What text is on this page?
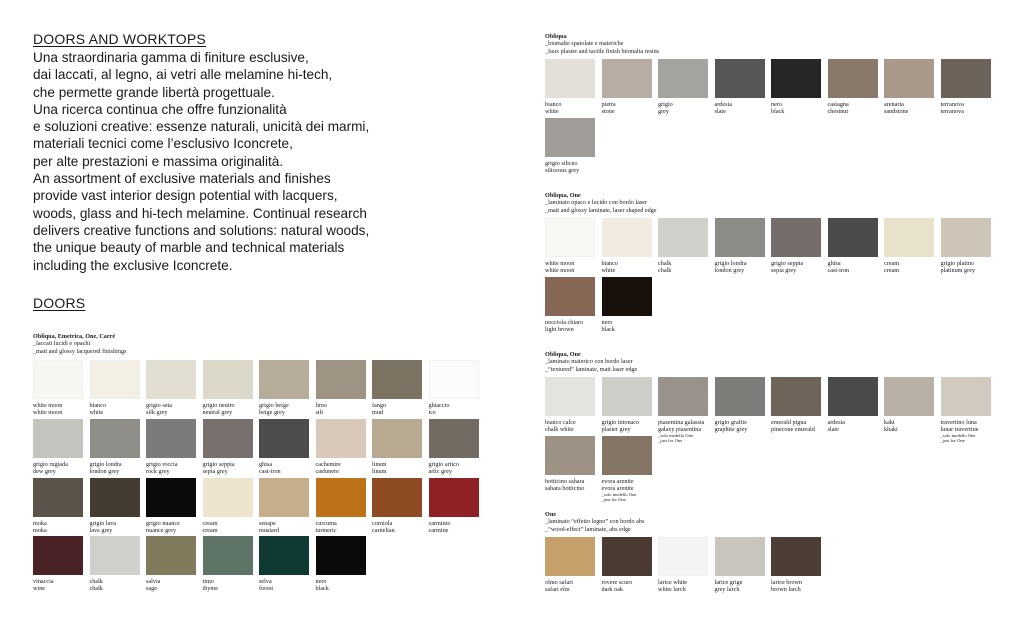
DOORS AND WORKTOPS
Una straordinaria gamma di finiture esclusive,
dai laccati, al legno, ai vetri alle melamine hi-tech,
che permette grande libertà progettuale.
Una ricerca continua che offre funzionalità
e soluzioni creative: essenze naturali, unicità dei marmi,
materiali tecnici come l’esclusivo Iconcrete,
per alte prestazioni e massima originalità.
An assortment of exclusive materials and finishes
provide vast interior design potential with lacquers,
woods, glass and hi-tech melamine. Continual research
delivers creative functions and solutions: natural woods,
the unique beauty of marble and technical materials
including the exclusive Iconcrete.
DOORS
Obliqua, Emetrica, One, Carré
_laccati lucidi e opachi
_matt and glossy lacquered finishings
white moon
white moon
bianco
white
grigio seta
silk grey
grigio neutro
neutral grey
grigio beige
beige grey
limo
silt
fango
mud
ghiaccio
ice
grigio rugiada
dew grey
grigio londra
london grey
grigio roccia
rock grey
grigio seppia
sepia grey
ghisa
cast-iron
cachemire
cashmere
linum
linum
grigio artico
artic grey
moka
moka
grigio lava
lava grey
grigio nuance
nuance grey
cream
cream
senape
mustard
curcuma
turmeric
corniola
carnelian
carminio
carmine
vinaccia
wine
chalk
chalk
salvia
sage
timo
thyme
selva
forest
nero
black
Obliqua
_biomalte spatolate e materiche
_faux plaster and tactile finish biomalta resins
bianco
white
pietra
stone
grigio
grey
ardesia
slate
nero
black
castagna
chestnut
arenaria
sandstone
terranova
terranova
grigio siliceo
siliceous grey
Obliqua, One
_laminato opaco e lucido con bordo laser
_matt and glossy laminate, laser shaped edge
white moon
white moon
bianco
white
chalk
chalk
grigio londra
london grey
grigio seppia
sepia grey
ghisa
cast-iron
cream
cream
grigio platino
platinum grey
nocciola chiaro
light brown
nero
black
Obliqua, One
_laminato materico con bordo laser
_“textured” laminate, matt laser edge
bianco calce
chalk white
grigio intonaco
plaster grey
piasentina galassia
galaxy piasentina
_solo modello One
_just for One
grigio grafite
graphite grey
emerald pigna
pinecone emerald
ardesia
slate
kaki
khaki
travertino luna
lunar travertine
_solo modello One
_just for One
botticino sahara
sahara botticino
evora arenite
evora arenite
_solo modello One
_just for One
One
_laminato “effetto legno” con bordo abs
_“wood-effect” laminate, abs edge
olmo safari
safari elm
rovere scuro
dark oak
larice white
white larch
larice grige
grey larch
larice brown
brown larch
